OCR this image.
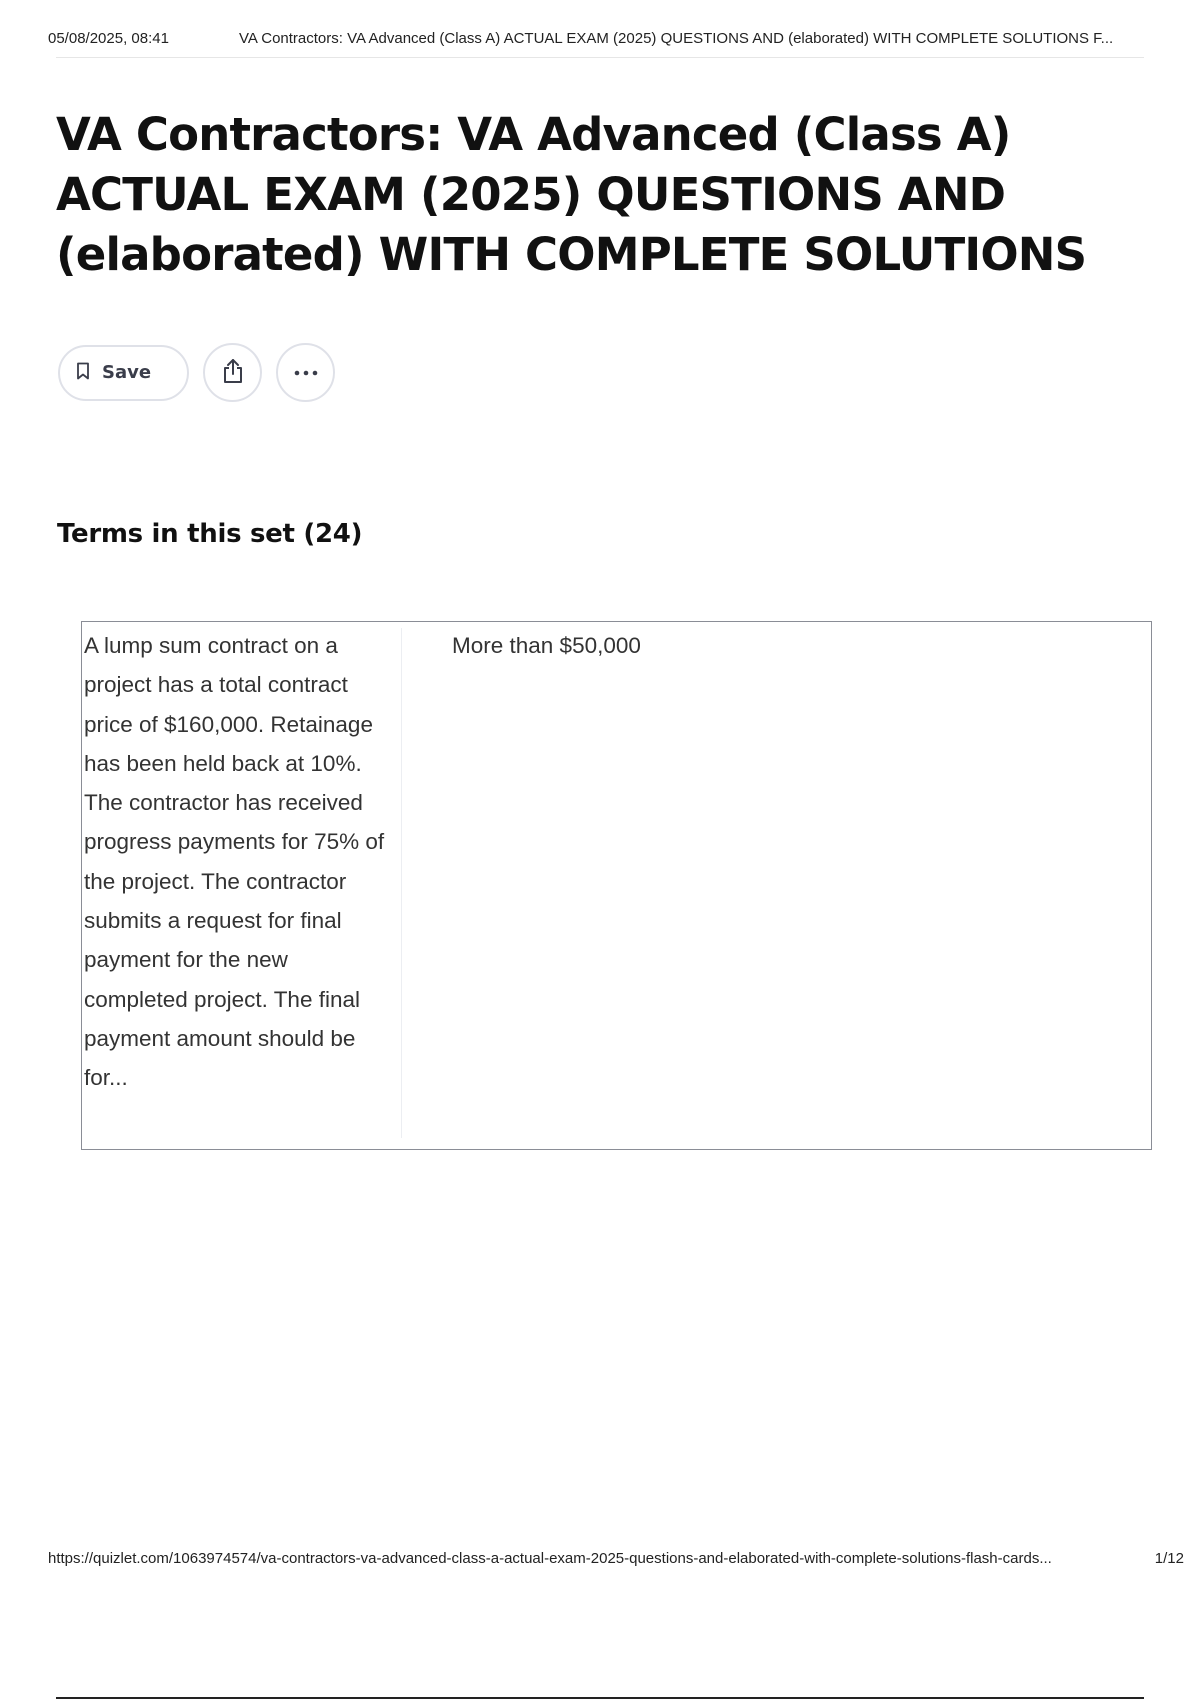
05/08/2025, 08:41	VA Contractors: VA Advanced (Class A) ACTUAL EXAM (2025) QUESTIONS AND (elaborated) WITH COMPLETE SOLUTIONS F...
VA Contractors: VA Advanced (Class A) ACTUAL EXAM (2025) QUESTIONS AND (elaborated) WITH COMPLETE SOLUTIONS
Save
Terms in this set (24)
A lump sum contract on a project has a total contract price of $160,000. Retainage has been held back at 10%. The contractor has received progress payments for 75% of the project. The contractor submits a request for final payment for the new completed project. The final payment amount should be for...
More than $50,000
https://quizlet.com/1063974574/va-contractors-va-advanced-class-a-actual-exam-2025-questions-and-elaborated-with-complete-solutions-flash-cards...	1/12
